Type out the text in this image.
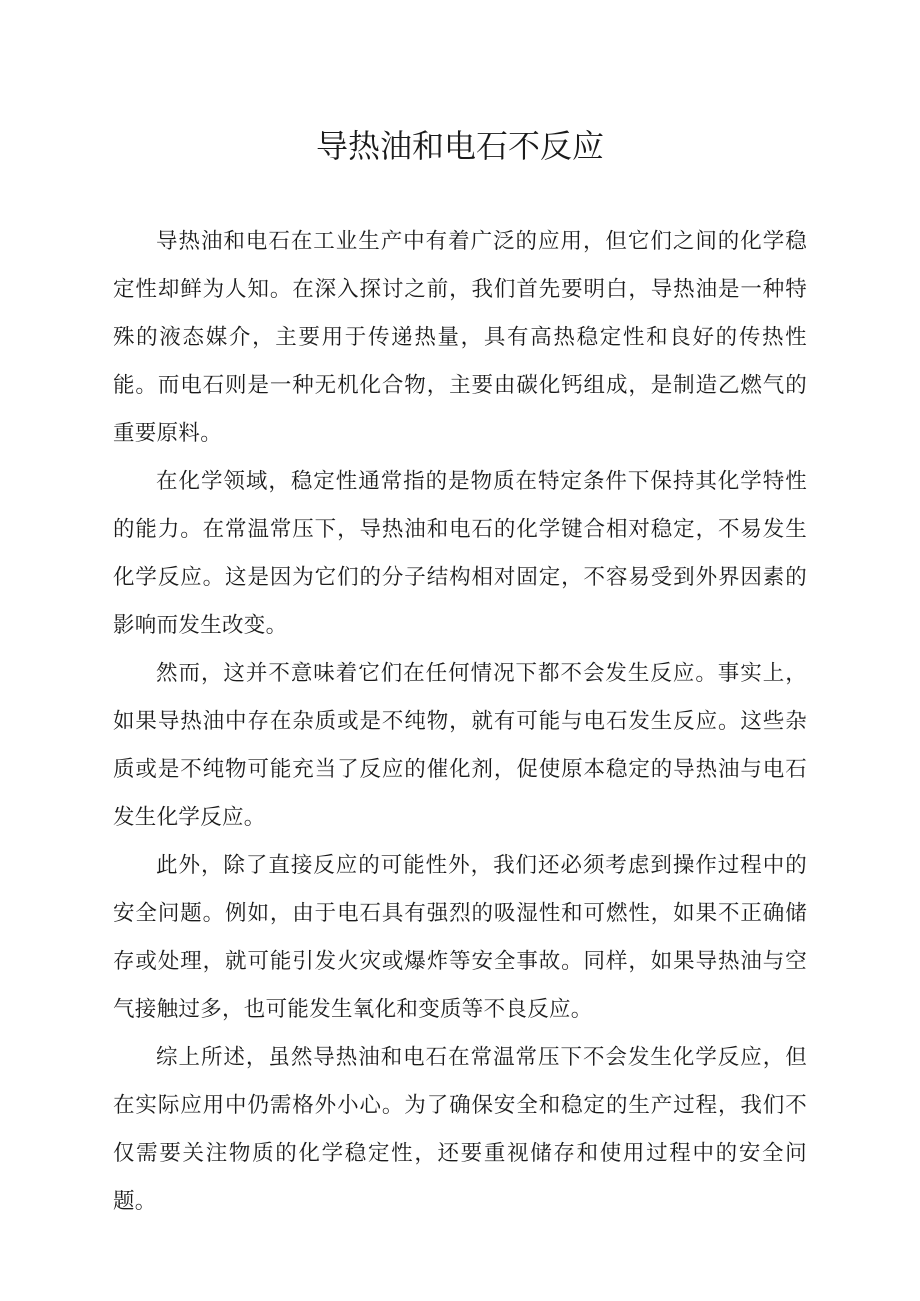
导热油和电石不反应

导热油和电石在工业生产中有着广泛的应用，但它们之间的化学稳定性却鲜为人知。在深入探讨之前，我们首先要明白，导热油是一种特殊的液态媒介，主要用于传递热量，具有高热稳定性和良好的传热性能。而电石则是一种无机化合物，主要由碳化钙组成，是制造乙燃气的重要原料。

在化学领域，稳定性通常指的是物质在特定条件下保持其化学特性的能力。在常温常压下，导热油和电石的化学键合相对稳定，不易发生化学反应。这是因为它们的分子结构相对固定，不容易受到外界因素的影响而发生改变。

然而，这并不意味着它们在任何情况下都不会发生反应。事实上，如果导热油中存在杂质或是不纯物，就有可能与电石发生反应。这些杂质或是不纯物可能充当了反应的催化剂，促使原本稳定的导热油与电石发生化学反应。

此外，除了直接反应的可能性外，我们还必须考虑到操作过程中的安全问题。例如，由于电石具有强烈的吸湿性和可燃性，如果不正确储存或处理，就可能引发火灾或爆炸等安全事故。同样，如果导热油与空气接触过多，也可能发生氧化和变质等不良反应。

综上所述，虽然导热油和电石在常温常压下不会发生化学反应，但在实际应用中仍需格外小心。为了确保安全和稳定的生产过程，我们不仅需要关注物质的化学稳定性，还要重视储存和使用过程中的安全问题。
